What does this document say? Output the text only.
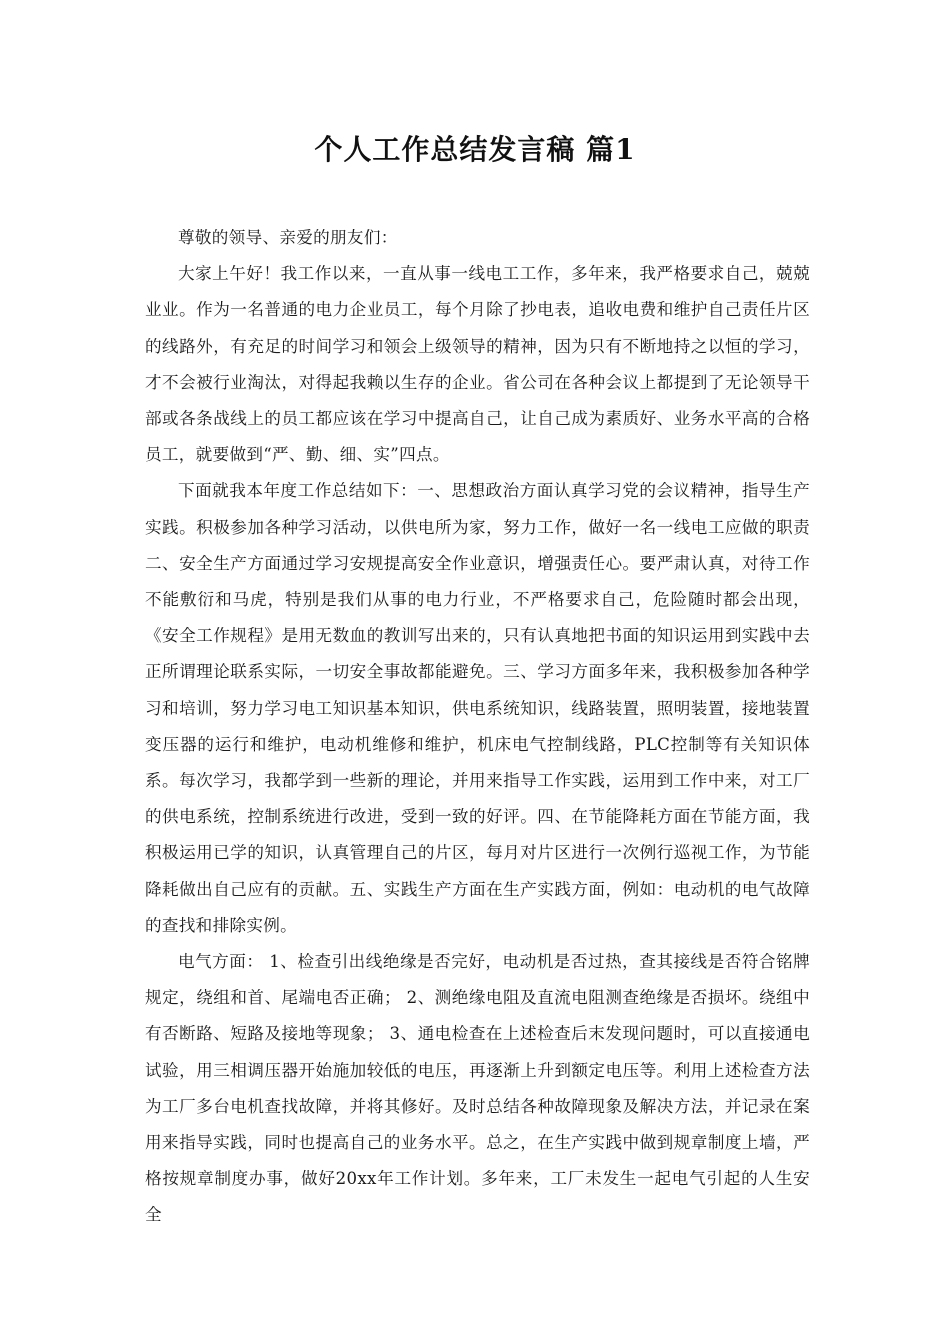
个人工作总结发言稿 篇1

尊敬的领导、亲爱的朋友们：

大家上午好！我工作以来，一直从事一线电工工作，多年来，我严格要求自己，兢兢业业。作为一名普通的电力企业员工，每个月除了抄电表，追收电费和维护自己责任片区的线路外，有充足的时间学习和领会上级领导的精神，因为只有不断地持之以恒的学习，才不会被行业淘汰，对得起我赖以生存的企业。省公司在各种会议上都提到了无论领导干部或各条战线上的员工都应该在学习中提高自己，让自己成为素质好、业务水平高的合格员工，就要做到“严、勤、细、实”四点。

下面就我本年度工作总结如下：一、思想政治方面认真学习党的会议精神，指导生产实践。积极参加各种学习活动，以供电所为家，努力工作，做好一名一线电工应做的职责二、安全生产方面通过学习安规提高安全作业意识，增强责任心。要严肃认真，对待工作不能敷衍和马虎，特别是我们从事的电力行业，不严格要求自己，危险随时都会出现，《安全工作规程》是用无数血的教训写出来的，只有认真地把书面的知识运用到实践中去正所谓理论联系实际，一切安全事故都能避免。三、学习方面多年来，我积极参加各种学习和培训，努力学习电工知识基本知识，供电系统知识，线路装置，照明装置，接地装置变压器的运行和维护，电动机维修和维护，机床电气控制线路，PLC控制等有关知识体系。每次学习，我都学到一些新的理论，并用来指导工作实践，运用到工作中来，对工厂的供电系统，控制系统进行改进，受到一致的好评。四、在节能降耗方面在节能方面，我积极运用已学的知识，认真管理自己的片区，每月对片区进行一次例行巡视工作，为节能降耗做出自己应有的贡献。五、实践生产方面在生产实践方面，例如：电动机的电气故障的查找和排除实例。

电气方面： 1、检查引出线绝缘是否完好，电动机是否过热，查其接线是否符合铭牌规定，绕组和首、尾端电否正确； 2、测绝缘电阻及直流电阻测查绝缘是否损坏。绕组中有否断路、短路及接地等现象； 3、通电检查在上述检查后末发现问题时，可以直接通电试验，用三相调压器开始施加较低的电压，再逐渐上升到额定电压等。利用上述检查方法为工厂多台电机查找故障，并将其修好。及时总结各种故障现象及解决方法，并记录在案用来指导实践，同时也提高自己的业务水平。总之，在生产实践中做到规章制度上墙，严格按规章制度办事，做好20xx年工作计划。多年来，工厂未发生一起电气引起的人生安全
